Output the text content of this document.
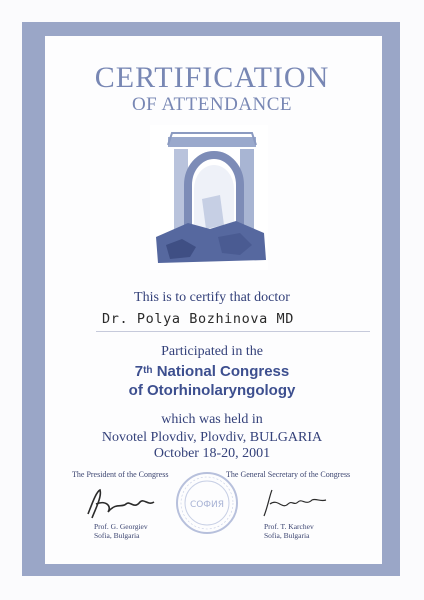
CERTIFICATION
OF ATTENDANCE
This is to certify that doctor
Dr. Polya Bozhinova MD
Participated in the
7th National Congress
of Otorhinolaryngology
which was held in
Novotel Plovdiv, Plovdiv, BULGARIA
October 18-20, 2001
The President of the Congress	The General Secretary of the Congress
СОФИЯ
Prof. G. Georgiev
Sofia, Bulgaria
Prof. T. Karchev
Sofia, Bulgaria
